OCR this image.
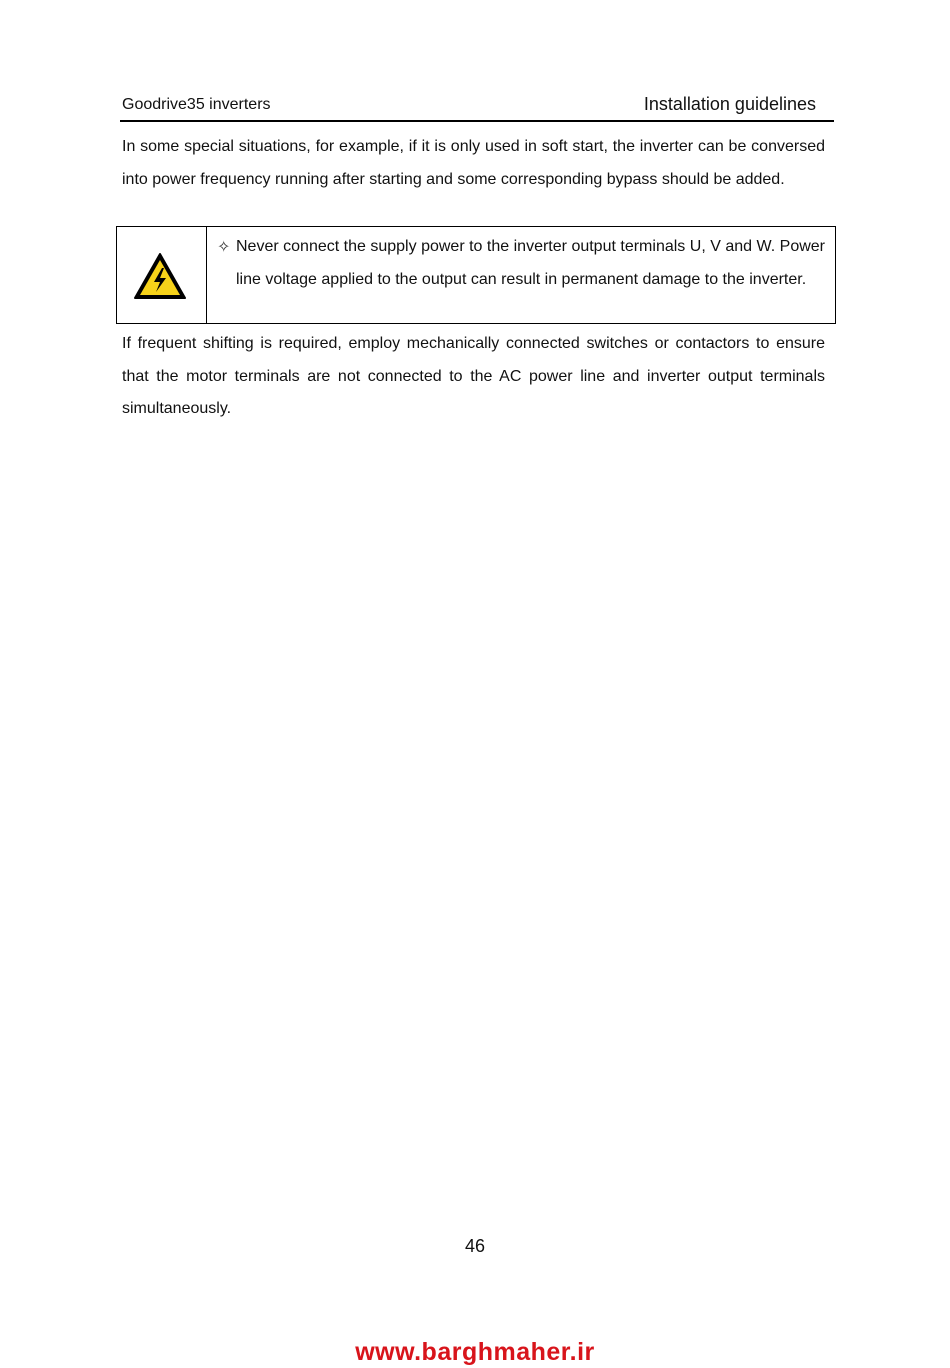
Goodrive35 inverters	Installation guidelines

In some special situations, for example, if it is only used in soft start, the inverter can be conversed into power frequency running after starting and some corresponding bypass should be added.

✧ Never connect the supply power to the inverter output terminals U, V and W. Power line voltage applied to the output can result in permanent damage to the inverter.

If frequent shifting is required, employ mechanically connected switches or contactors to ensure that the motor terminals are not connected to the AC power line and inverter output terminals simultaneously.

46
www.barghmaher.ir
